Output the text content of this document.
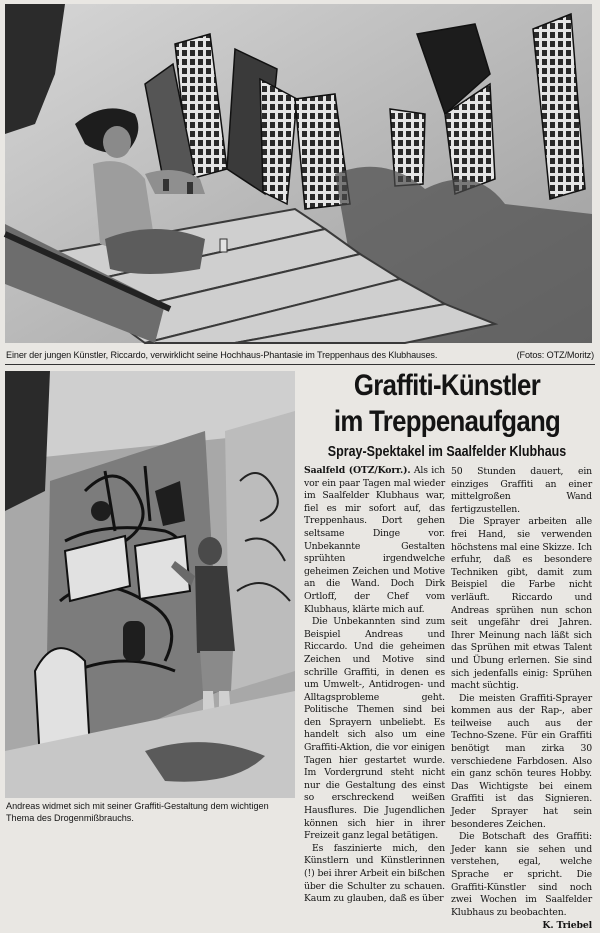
Einer der jungen Künstler, Riccardo, verwirklicht seine Hochhaus-Phantasie im Treppenhaus des Klubhauses.	(Fotos: OTZ/Moritz)
Andreas widmet sich mit seiner Graffiti-Gestaltung dem wichtigen Thema des Drogenmißbrauchs.
Graffiti-Künstler
im Treppenaufgang
Spray-Spektakel im Saalfelder Klubhaus

Saalfeld (OTZ/Korr.). Als ich vor ein paar Tagen mal wieder im Saalfelder Klubhaus war, fiel es mir sofort auf, das Treppenhaus. Dort gehen seltsame Dinge vor. Unbekannte Gestalten sprühten irgendwelche geheimen Zeichen und Motive an die Wand. Doch Dirk Ortloff, der Chef vom Klubhaus, klärte mich auf.

Die Unbekannten sind zum Beispiel Andreas und Riccardo. Und die geheimen Zeichen und Motive sind schrille Graffiti, in denen es um Umwelt-, Antidrogen- und Alltagsprobleme geht. Politische Themen sind bei den Sprayern unbeliebt. Es handelt sich also um eine Graffiti-Aktion, die vor einigen Tagen hier gestartet wurde. Im Vordergrund steht nicht nur die Gestaltung des einst so erschreckend weißen Hausflures. Die Jugendlichen können sich hier in ihrer Freizeit ganz legal betätigen.

Es faszinierte mich, den Künstlern und Künstlerinnen (!) bei ihrer Arbeit ein bißchen über die Schulter zu schauen. Kaum zu glauben, daß es über

50 Stunden dauert, ein einziges Graffiti an einer mittelgroßen Wand fertigzustellen.

Die Sprayer arbeiten alle frei Hand, sie verwenden höchstens mal eine Skizze. Ich erfuhr, daß es besondere Techniken gibt, damit zum Beispiel die Farbe nicht verläuft. Riccardo und Andreas sprühen nun schon seit ungefähr drei Jahren. Ihrer Meinung nach läßt sich das Sprühen mit etwas Talent und Übung erlernen. Sie sind sich jedenfalls einig: Sprühen macht süchtig.

Die meisten Graffiti-Sprayer kommen aus der Rap-, aber teilweise auch aus der Techno-Szene. Für ein Graffiti benötigt man zirka 30 verschiedene Farbdosen. Also ein ganz schön teures Hobby. Das Wichtigste bei einem Graffiti ist das Signieren. Jeder Sprayer hat sein besonderes Zeichen.

Die Botschaft des Graffiti: Jeder kann sie sehen und verstehen, egal, welche Sprache er spricht. Die Graffiti-Künstler sind noch zwei Wochen im Saalfelder Klubhaus zu beobachten.

K. Triebel
